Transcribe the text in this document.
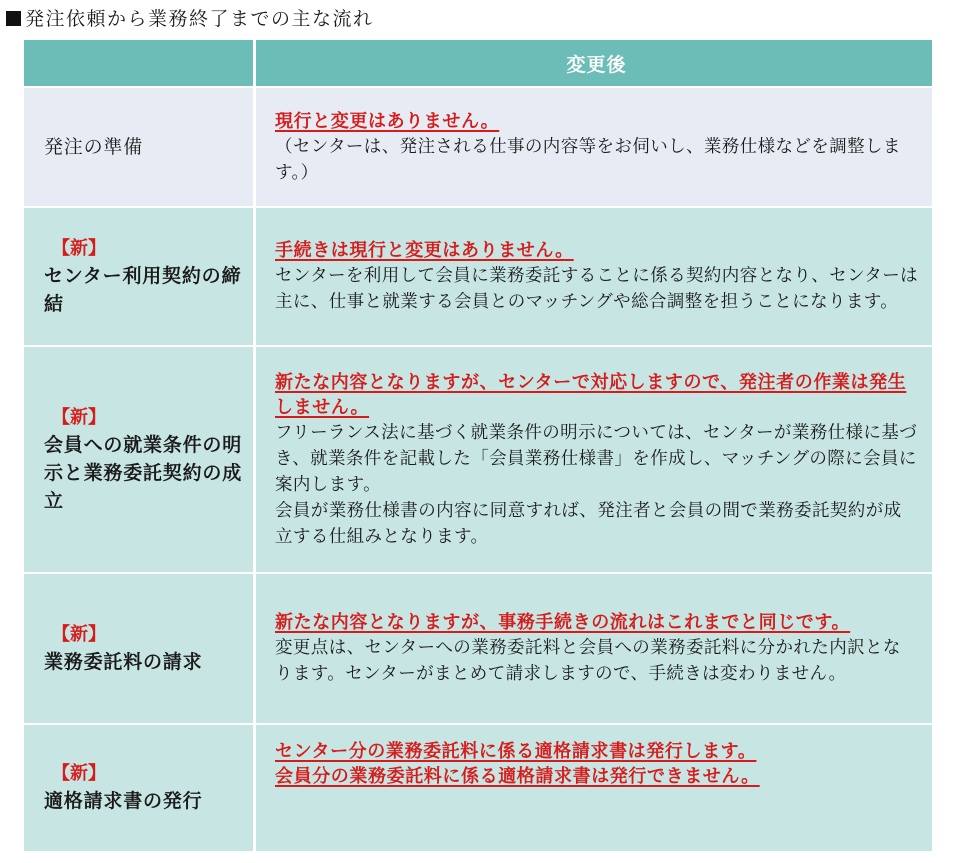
発注依頼から業務終了までの主な流れ
	変更後

発注の準備	現行と変更はありません。
（センターは、発注される仕事の内容等をお伺いし、業務仕様などを調整します。）

【新】
センター利用契約の締結	手続きは現行と変更はありません。
センターを利用して会員に業務委託することに係る契約内容となり、センターは主に、仕事と就業する会員とのマッチングや総合調整を担うことになります。

【新】
会員への就業条件の明示と業務委託契約の成立	新たな内容となりますが、センターで対応しますので、発注者の作業は発生しません。
フリーランス法に基づく就業条件の明示については、センターが業務仕様に基づき、就業条件を記載した「会員業務仕様書」を作成し、マッチングの際に会員に案内します。
会員が業務仕様書の内容に同意すれば、発注者と会員の間で業務委託契約が成立する仕組みとなります。

【新】
業務委託料の請求	新たな内容となりますが、事務手続きの流れはこれまでと同じです。
変更点は、センターへの業務委託料と会員への業務委託料に分かれた内訳となります。センターがまとめて請求しますので、手続きは変わりません。

【新】
適格請求書の発行	センター分の業務委託料に係る適格請求書は発行します。
会員分の業務委託料に係る適格請求書は発行できません。
